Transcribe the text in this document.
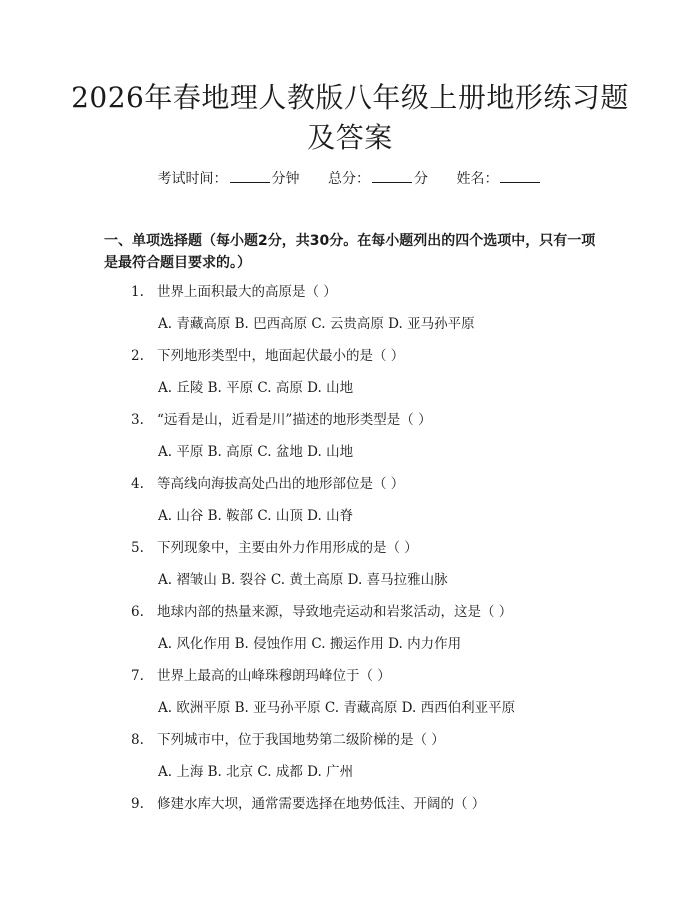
2026年春地理人教版八年级上册地形练习题及答案
考试时间：	分钟 总分：	分 姓名：
一、单项选择题（每小题2分，共30分。在每小题列出的四个选项中，只有一项是最符合题目要求的。）
1. 世界上面积最大的高原是（ ）
A. 青藏高原 B. 巴西高原 C. 云贵高原 D. 亚马孙平原
2. 下列地形类型中，地面起伏最小的是（ ）
A. 丘陵 B. 平原 C. 高原 D. 山地
3. “远看是山，近看是川”描述的地形类型是（ ）
A. 平原 B. 高原 C. 盆地 D. 山地
4. 等高线向海拔高处凸出的地形部位是（ ）
A. 山谷 B. 鞍部 C. 山顶 D. 山脊
5. 下列现象中，主要由外力作用形成的是（ ）
A. 褶皱山 B. 裂谷 C. 黄土高原 D. 喜马拉雅山脉
6. 地球内部的热量来源，导致地壳运动和岩浆活动，这是（ ）
A. 风化作用 B. 侵蚀作用 C. 搬运作用 D. 内力作用
7. 世界上最高的山峰珠穆朗玛峰位于（ ）
A. 欧洲平原 B. 亚马孙平原 C. 青藏高原 D. 西西伯利亚平原
8. 下列城市中，位于我国地势第二级阶梯的是（ ）
A. 上海 B. 北京 C. 成都 D. 广州
9. 修建水库大坝，通常需要选择在地势低洼、开阔的（ ）
